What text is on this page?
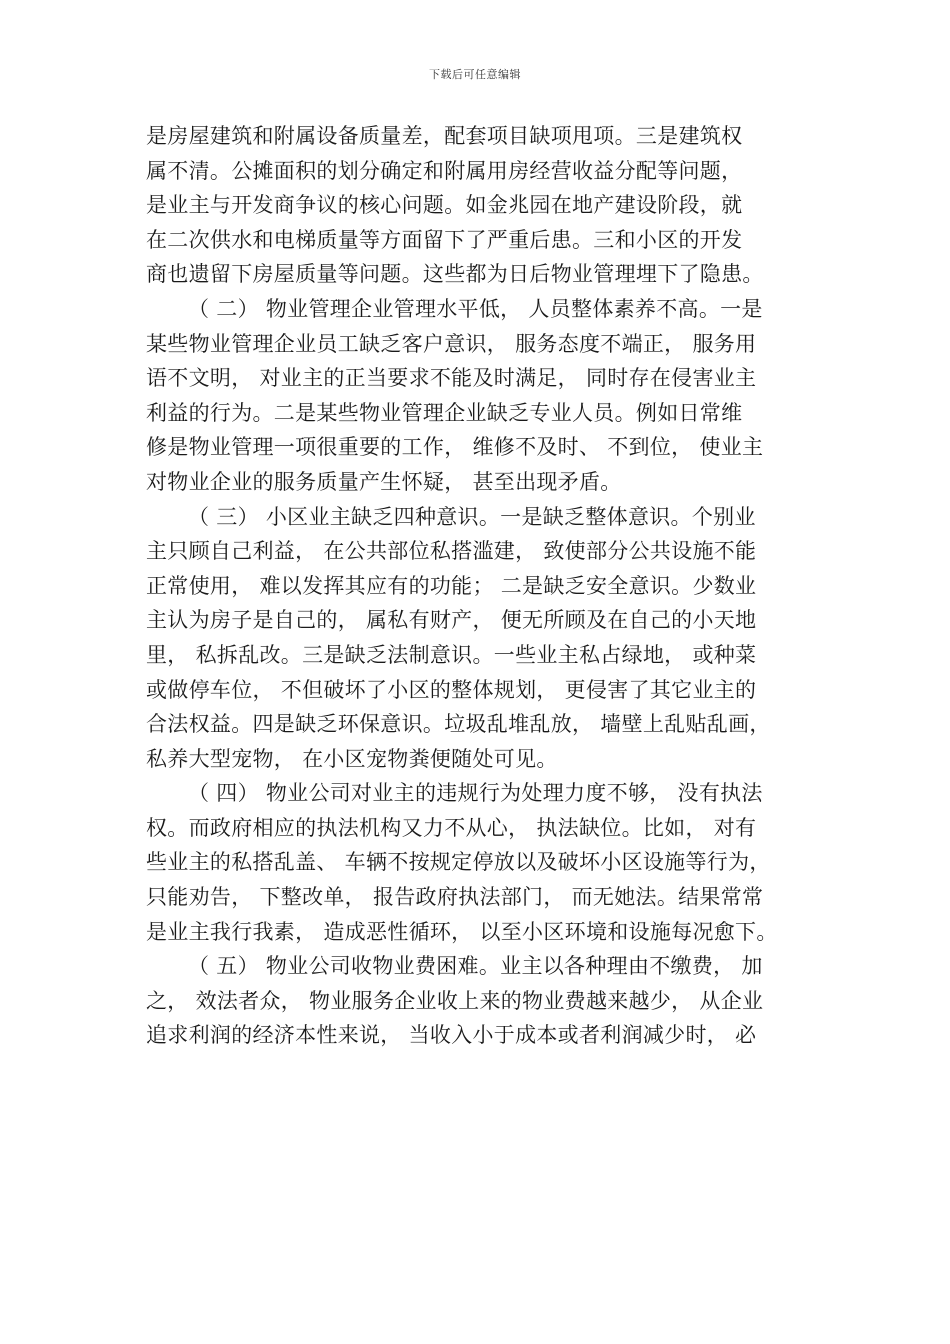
下载后可任意编辑
是房屋建筑和附属设备质量差，配套项目缺项甩项。三是建筑权
属不清。公摊面积的划分确定和附属用房经营收益分配等问题，
是业主与开发商争议的核心问题。如金兆园在地产建设阶段，就
在二次供水和电梯质量等方面留下了严重后患。三和小区的开发
商也遗留下房屋质量等问题。这些都为日后物业管理埋下了隐患。
（ 二） 物业管理企业管理水平低， 人员整体素养不高。一是
某些物业管理企业员工缺乏客户意识， 服务态度不端正， 服务用
语不文明， 对业主的正当要求不能及时满足， 同时存在侵害业主
利益的行为。二是某些物业管理企业缺乏专业人员。例如日常维
修是物业管理一项很重要的工作， 维修不及时、 不到位， 使业主
对物业企业的服务质量产生怀疑， 甚至出现矛盾。
（ 三） 小区业主缺乏四种意识。一是缺乏整体意识。个别业
主只顾自己利益， 在公共部位私搭滥建， 致使部分公共设施不能
正常使用， 难以发挥其应有的功能； 二是缺乏安全意识。少数业
主认为房子是自己的， 属私有财产， 便无所顾及在自己的小天地
里， 私拆乱改。三是缺乏法制意识。一些业主私占绿地， 或种菜
或做停车位， 不但破坏了小区的整体规划， 更侵害了其它业主的
合法权益。四是缺乏环保意识。垃圾乱堆乱放， 墙壁上乱贴乱画，
私养大型宠物， 在小区宠物粪便随处可见。
（ 四） 物业公司对业主的违规行为处理力度不够， 没有执法
权。而政府相应的执法机构又力不从心， 执法缺位。比如， 对有
些业主的私搭乱盖、 车辆不按规定停放以及破坏小区设施等行为，
只能劝告， 下整改单， 报告政府执法部门， 而无她法。结果常常
是业主我行我素， 造成恶性循环， 以至小区环境和设施每况愈下。
（ 五） 物业公司收物业费困难。业主以各种理由不缴费， 加
之， 效法者众， 物业服务企业收上来的物业费越来越少， 从企业
追求利润的经济本性来说， 当收入小于成本或者利润减少时， 必
